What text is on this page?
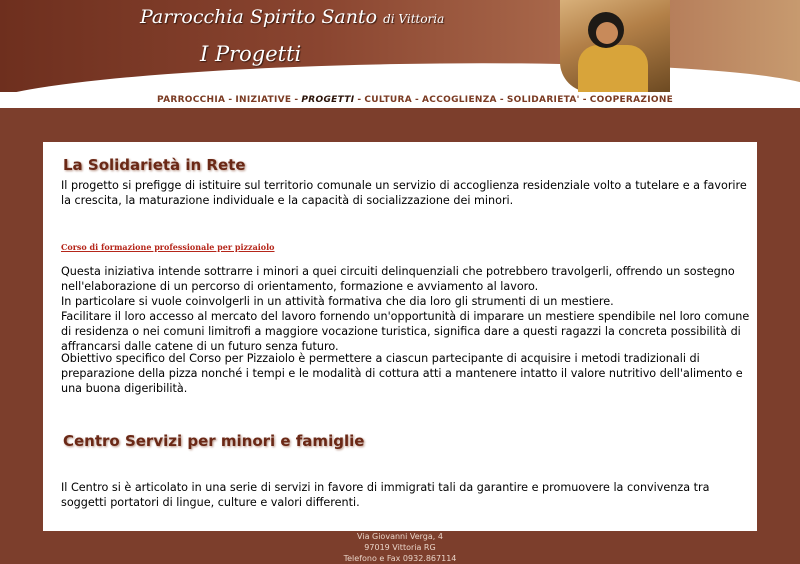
Parrocchia Spirito Santo di Vittoria
I Progetti
PARROCCHIA - INIZIATIVE - PROGETTI - CULTURA - ACCOGLIENZA - SOLIDARIETA' - COOPERAZIONE
La Solidarietà in Rete

Il progetto si prefigge di istituire sul territorio comunale un servizio di accoglienza residenziale volto a tutelare e a favorire la crescita, la maturazione individuale e la capacità di socializzazione dei minori.

Corso di formazione professionale per pizzaiolo

Questa iniziativa intende sottrarre i minori a quei circuiti delinquenziali che potrebbero travolgerli, offrendo un sostegno nell'elaborazione di un percorso di orientamento, formazione e avviamento al lavoro.

In particolare si vuole coinvolgerli in un attività formativa che dia loro gli strumenti di un mestiere.

Facilitare il loro accesso al mercato del lavoro fornendo un'opportunità di imparare un mestiere spendibile nel loro comune di residenza o nei comuni limitrofi a maggiore vocazione turistica, significa dare a questi ragazzi la concreta possibilità di affrancarsi dalle catene di un futuro senza futuro.

Obiettivo specifico del Corso per Pizzaiolo è permettere a ciascun partecipante di acquisire i metodi tradizionali di preparazione della pizza nonché i tempi e le modalità di cottura atti a mantenere intatto il valore nutritivo dell'alimento e una buona digeribilità.

Centro Servizi per minori e famiglie

Il Centro si è articolato in una serie di servizi in favore di immigrati tali da garantire e promuovere la convivenza tra soggetti portatori di lingue, culture e valori differenti.

Via Giovanni Verga, 4
97019 Vittoria RG
Telefono e Fax 0932.867114
